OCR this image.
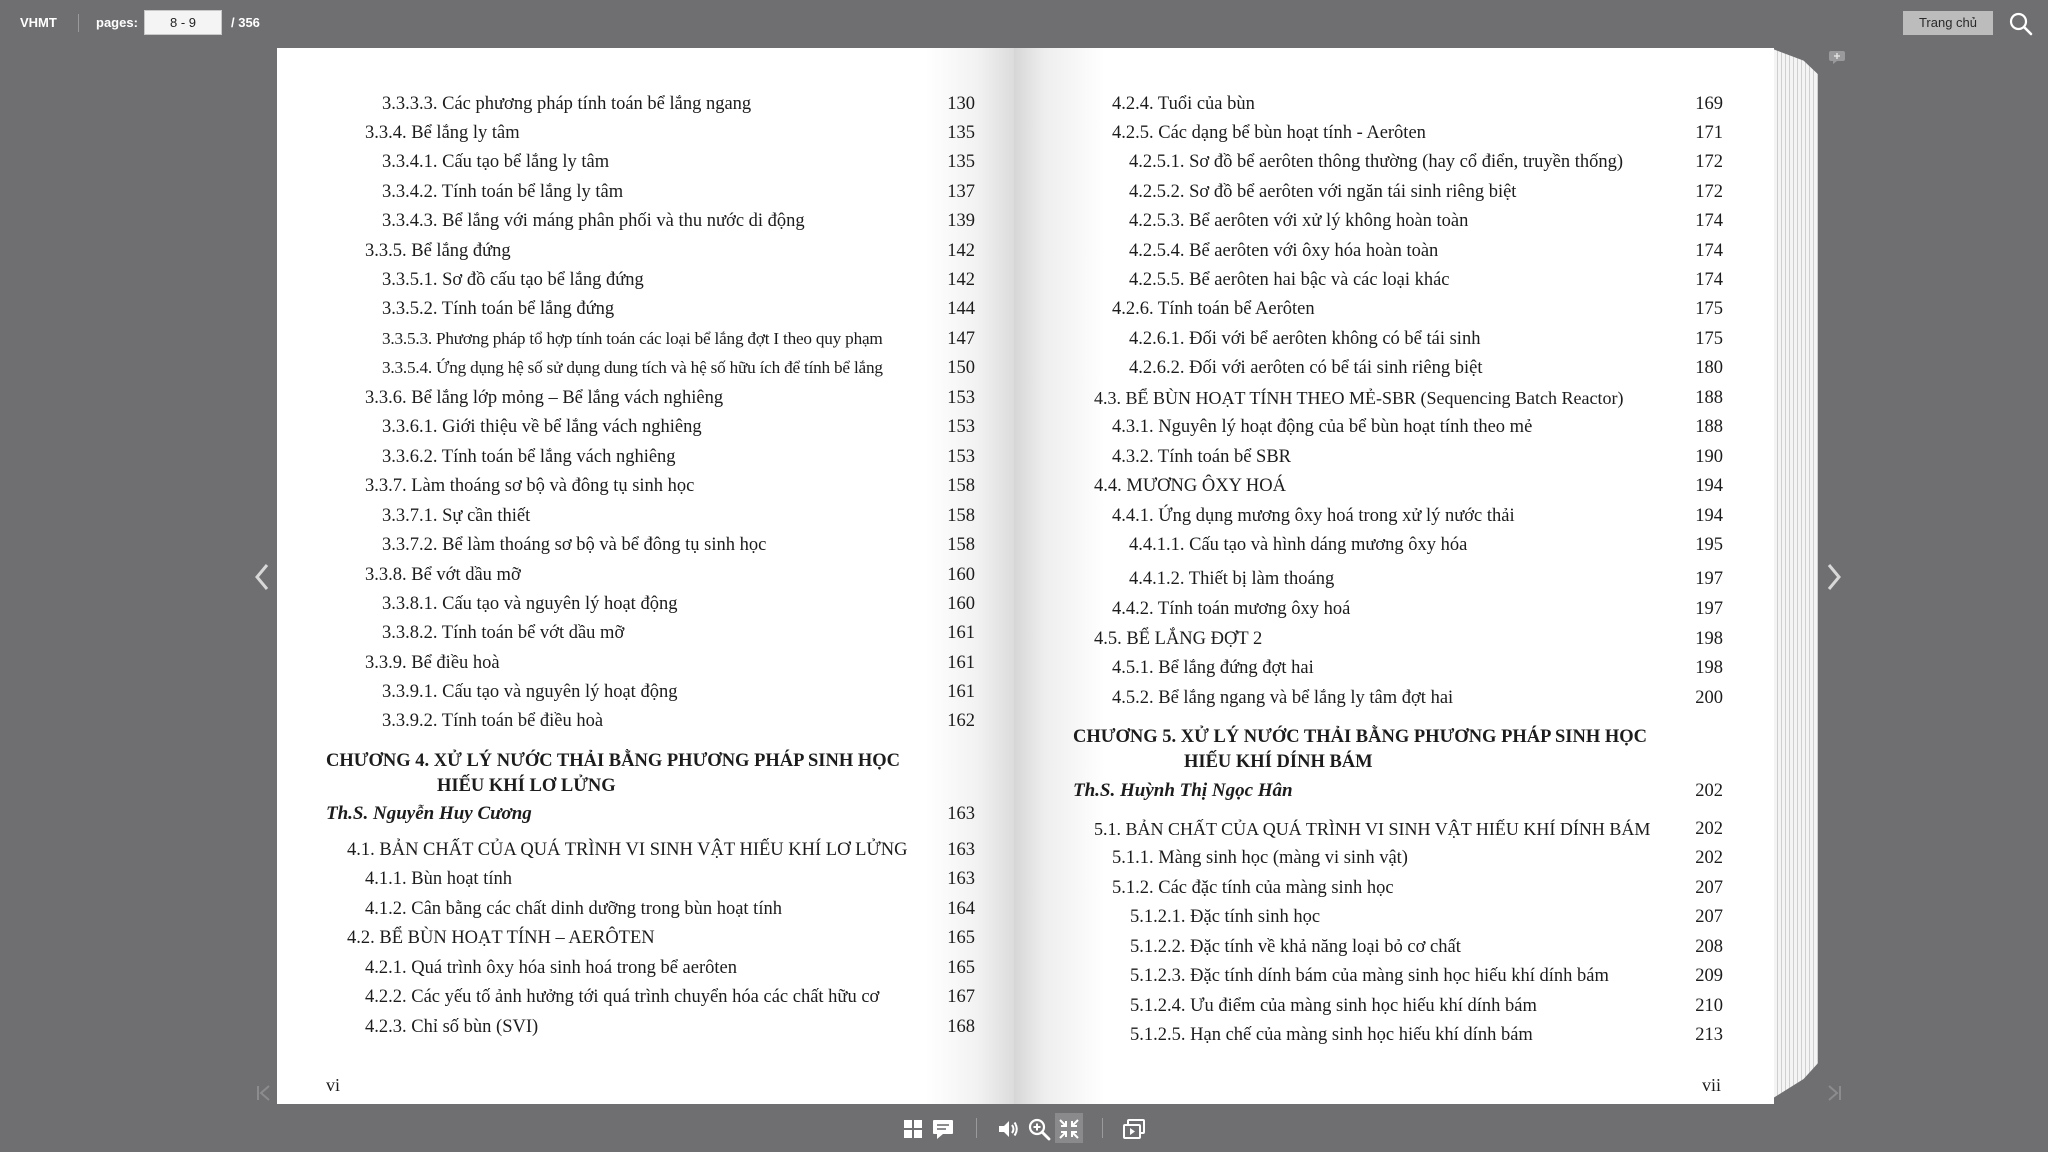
VHMT	pages:	8 - 9	/ 356	Trang chủ
3.3.3.3. Các phương pháp tính toán bể lắng ngang	130
3.3.4. Bể lắng ly tâm	135
3.3.4.1. Cấu tạo bể lắng ly tâm	135
3.3.4.2. Tính toán bể lắng ly tâm	137
3.3.4.3. Bể lắng với máng phân phối và thu nước di động	139
3.3.5. Bể lắng đứng	142
3.3.5.1. Sơ đồ cấu tạo bể lắng đứng	142
3.3.5.2. Tính toán bể lắng đứng	144
3.3.5.3. Phương pháp tổ hợp tính toán các loại bể lắng đợt I theo quy phạm	147
3.3.5.4. Ứng dụng hệ số sử dụng dung tích và hệ số hữu ích để tính bể lắng	150
3.3.6. Bể lắng lớp mỏng – Bể lắng vách nghiêng	153
3.3.6.1. Giới thiệu về bể lắng vách nghiêng	153
3.3.6.2. Tính toán bể lắng vách nghiêng	153
3.3.7. Làm thoáng sơ bộ và đông tụ sinh học	158
3.3.7.1. Sự cần thiết	158
3.3.7.2. Bể làm thoáng sơ bộ và bể đông tụ sinh học	158
3.3.8. Bể vớt dầu mỡ	160
3.3.8.1. Cấu tạo và nguyên lý hoạt động	160
3.3.8.2. Tính toán bể vớt dầu mỡ	161
3.3.9. Bể điều hoà	161
3.3.9.1. Cấu tạo và nguyên lý hoạt động	161
3.3.9.2. Tính toán bể điều hoà	162
CHƯƠNG 4. XỬ LÝ NƯỚC THẢI BẰNG PHƯƠNG PHÁP SINH HỌC
HIẾU KHÍ LƠ LỬNG
Th.S. Nguyễn Huy Cương	163
4.1. BẢN CHẤT CỦA QUÁ TRÌNH VI SINH VẬT HIẾU KHÍ LƠ LỬNG	163
4.1.1. Bùn hoạt tính	163
4.1.2. Cân bằng các chất dinh dưỡng trong bùn hoạt tính	164
4.2. BỂ BÙN HOẠT TÍNH – AERÔTEN	165
4.2.1. Quá trình ôxy hóa sinh hoá trong bể aerôten	165
4.2.2. Các yếu tố ảnh hưởng tới quá trình chuyển hóa các chất hữu cơ	167
4.2.3. Chỉ số bùn (SVI)	168
vi
4.2.4. Tuổi của bùn	169
4.2.5. Các dạng bể bùn hoạt tính - Aerôten	171
4.2.5.1. Sơ đồ bể aerôten thông thường (hay cổ điển, truyền thống)	172
4.2.5.2. Sơ đồ bể aerôten với ngăn tái sinh riêng biệt	172
4.2.5.3. Bể aerôten với xử lý không hoàn toàn	174
4.2.5.4. Bể aerôten với ôxy hóa hoàn toàn	174
4.2.5.5. Bể aerôten hai bậc và các loại khác	174
4.2.6. Tính toán bể Aerôten	175
4.2.6.1. Đối với bể aerôten không có bể tái sinh	175
4.2.6.2. Đối với aerôten có bể tái sinh riêng biệt	180
4.3. BỂ BÙN HOẠT TÍNH THEO MẺ-SBR (Sequencing Batch Reactor)	188
4.3.1. Nguyên lý hoạt động của bể bùn hoạt tính theo mẻ	188
4.3.2. Tính toán bể SBR	190
4.4. MƯƠNG ÔXY HOÁ	194
4.4.1. Ứng dụng mương ôxy hoá trong xử lý nước thải	194
4.4.1.1. Cấu tạo và hình dáng mương ôxy hóa	195
4.4.1.2. Thiết bị làm thoáng	197
4.4.2. Tính toán mương ôxy hoá	197
4.5. BỂ LẮNG ĐỢT 2	198
4.5.1. Bể lắng đứng đợt hai	198
4.5.2. Bể lắng ngang và bể lắng ly tâm đợt hai	200
CHƯƠNG 5. XỬ LÝ NƯỚC THẢI BẰNG PHƯƠNG PHÁP SINH HỌC
HIẾU KHÍ DÍNH BÁM
Th.S. Huỳnh Thị Ngọc Hân	202
5.1. BẢN CHẤT CỦA QUÁ TRÌNH VI SINH VẬT HIẾU KHÍ DÍNH BÁM	202
5.1.1. Màng sinh học (màng vi sinh vật)	202
5.1.2. Các đặc tính của màng sinh học	207
5.1.2.1. Đặc tính sinh học	207
5.1.2.2. Đặc tính về khả năng loại bỏ cơ chất	208
5.1.2.3. Đặc tính dính bám của màng sinh học hiếu khí dính bám	209
5.1.2.4. Ưu điểm của màng sinh học hiếu khí dính bám	210
5.1.2.5. Hạn chế của màng sinh học hiếu khí dính bám	213
vii
